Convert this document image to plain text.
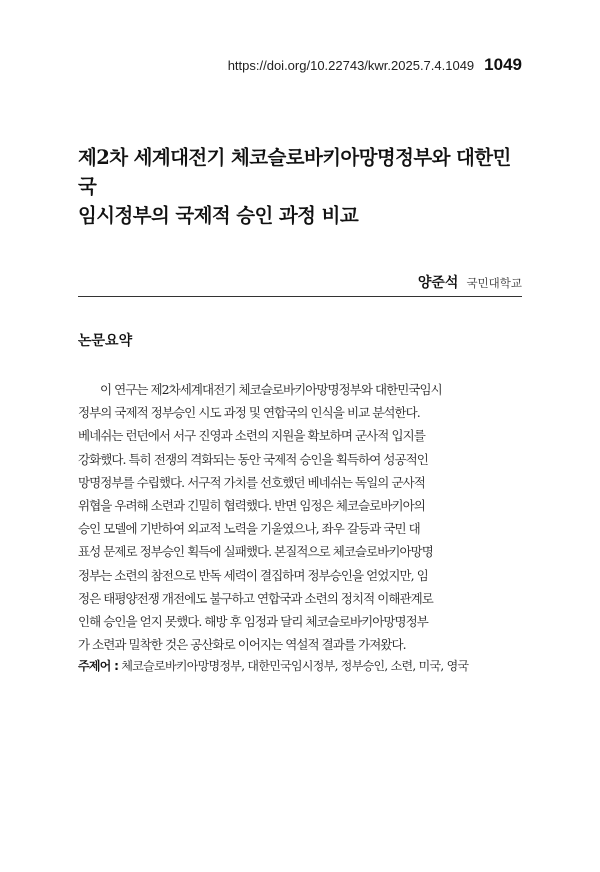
https://doi.org/10.22743/kwr.2025.7.4.1049 1049
제2차 세계대전기 체코슬로바키아망명정부와 대한민국
임시정부의 국제적 승인 과정 비교
양준석 국민대학교
논문요약

이 연구는 제2차세계대전기 체코슬로바키아망명정부와 대한민국임시
정부의 국제적 정부승인 시도 과정 및 연합국의 인식을 비교 분석한다.
베네쉬는 런던에서 서구 진영과 소련의 지원을 확보하며 군사적 입지를
강화했다. 특히 전쟁의 격화되는 동안 국제적 승인을 획득하여 성공적인
망명정부를 수립했다. 서구적 가치를 선호했던 베네쉬는 독일의 군사적
위협을 우려해 소련과 긴밀히 협력했다. 반면 임정은 체코슬로바키아의
승인 모델에 기반하여 외교적 노력을 기울였으나, 좌우 갈등과 국민 대
표성 문제로 정부승인 획득에 실패했다. 본질적으로 체코슬로바키아망명
정부는 소련의 참전으로 반독 세력이 결집하며 정부승인을 얻었지만, 임
정은 태평양전쟁 개전에도 불구하고 연합국과 소련의 정치적 이해관계로
인해 승인을 얻지 못했다. 해방 후 임정과 달리 체코슬로바키아망명정부
가 소련과 밀착한 것은 공산화로 이어지는 역설적 결과를 가져왔다.

주제어 : 체코슬로바키아망명정부, 대한민국임시정부, 정부승인, 소련, 미국, 영국
